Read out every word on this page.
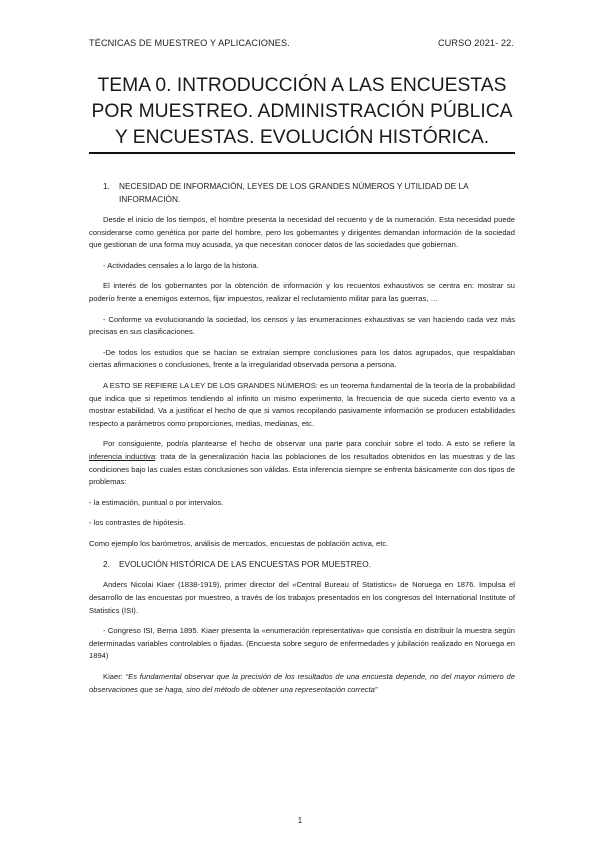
TÉCNICAS DE MUESTREO Y APLICACIONES.	CURSO 2021- 22.
TEMA 0. INTRODUCCIÓN A LAS ENCUESTAS POR MUESTREO. ADMINISTRACIÓN PÚBLICA Y ENCUESTAS. EVOLUCIÓN HISTÓRICA.
1.	NECESIDAD DE INFORMACIÓN, LEYES DE LOS GRANDES NÚMEROS Y UTILIDAD DE LA INFORMACIÓN.

Desde el inicio de los tiempos, el hombre presenta la necesidad del recuento y de la numeración. Esta necesidad puede considerarse como genética por parte del hombre, pero los gobernantes y dirigentes demandan información de la sociedad que gestionan de una forma muy acusada, ya que necesitan conocer datos de las sociedades que gobiernan.

- Actividades censales a lo largo de la historia.

El interés de los gobernantes por la obtención de información y los recuentos exhaustivos se centra en: mostrar su poderío frente a enemigos externos, fijar impuestos, realizar el reclutamiento militar para las guerras, …

- Conforme va evolucionando la sociedad, los censos y las enumeraciones exhaustivas se van haciendo cada vez más precisas en sus clasificaciones.

-De todos los estudios que se hacían se extraían siempre conclusiones para los datos agrupados, que respaldaban ciertas afirmaciones o conclusiones, frente a la irregularidad observada persona a persona.

A ESTO SE REFIERE LA LEY DE LOS GRANDES NÚMEROS: es un teorema fundamental de la teoría de la probabilidad que indica que si repetimos tendiendo al infinito un mismo experimento, la frecuencia de que suceda cierto evento va a mostrar estabilidad. Va a justificar el hecho de que si vamos recopilando pasivamente información se producen estabilidades respecto a parámetros como proporciones, medias, medianas, etc.

Por consiguiente, podría plantearse el hecho de observar una parte para concluir sobre el todo. A esto se refiere la inferencia inductiva: trata de la generalización hacia las poblaciones de los resultados obtenidos en las muestras y de las condiciones bajo las cuales estas conclusiones son válidas. Esta inferencia siempre se enfrenta básicamente con dos tipos de problemas:

- la estimación, puntual o por intervalos.

- los contrastes de hipótesis.

Como ejemplo los barómetros, análisis de mercados, encuestas de población activa, etc.

2.	EVOLUCIÓN HISTÓRICA DE LAS ENCUESTAS POR MUESTREO.

Anders Nicolai Kiaer (1838-1919), primer director del «Central Bureau of Statistics» de Noruega en 1876. Impulsa el desarrollo de las encuestas por muestreo, a través de los trabajos presentados en los congresos del International Institute of Statistics (ISI).

- Congreso ISI, Berna 1895. Kiaer presenta la «enumeración representativa» que consistía en distribuir la muestra según determinadas variables controlables o fijadas. (Encuesta sobre seguro de enfermedades y jubilación realizado en Noruega en 1894)

Kiaer: “Es fundamental observar que la precisión de los resultados de una encuesta depende, no del mayor número de observaciones que se haga, sino del método de obtener una representación correcta”

1
